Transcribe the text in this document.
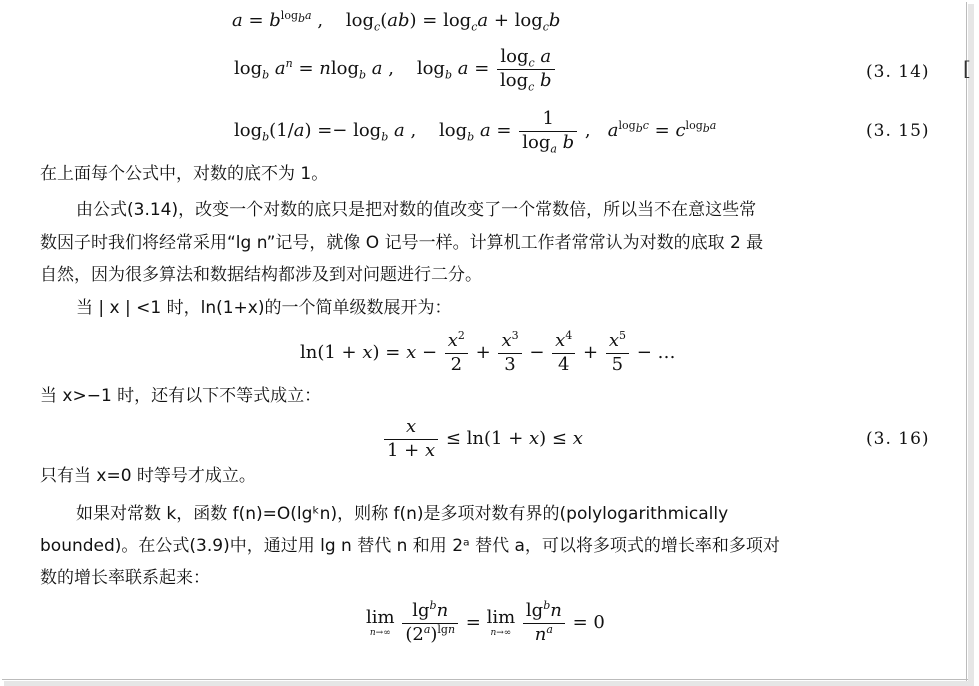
[
$a = b^{log_ba}$ ,    $\log_c(ab) = \log_ca + \log_cb$
$\log_b a^n = nlog_b$ a ,    $\log_b a = \frac{\log_c a}{\log_c b}$	(3. 14)
$\log_b(1/a) =- \log_b a$ ,    $\log_b a = \frac{1}{\log_a b}$ ,   $a^{log_bc} = c^{log_ba}$	(3. 15)
在上面每个公式中，对数的底不为 1。
由公式(3.14)，改变一个对数的底只是把对数的值改变了一个常数倍，所以当不在意这些常
数因子时我们将经常采用“lg n”记号，就像 O 记号一样。计算机工作者常常认为对数的底取 2 最
自然，因为很多算法和数据结构都涉及到对问题进行二分。
当 | x | <1 时，ln(1+x)的一个简单级数展开为：
$\ln(1 + x) = x - \frac{x^2}{2} + \frac{x^3}{3} - \frac{x^4}{4} + \frac{x^5}{5}$ − …
当 x>−1 时，还有以下不等式成立：
$\frac{x}{1 + x} \le \ln(1 + x) \le x$	(3. 16)
只有当 x=0 时等号才成立。
如果对常数 k，函数 f(n)=O(lgᵏn)，则称 f(n)是多项对数有界的(polylogarithmically
bounded)。在公式(3.9)中，通过用 lg n 替代 n 和用 2ᵃ 替代 a，可以将多项式的增长率和多项对
数的增长率联系起来：
lim
n→∞
$\frac{\lg^bn}{(2^a)^{lgn}} = \lim$
n→∞
$\frac{\lg^bn}{n^a} = 0$
